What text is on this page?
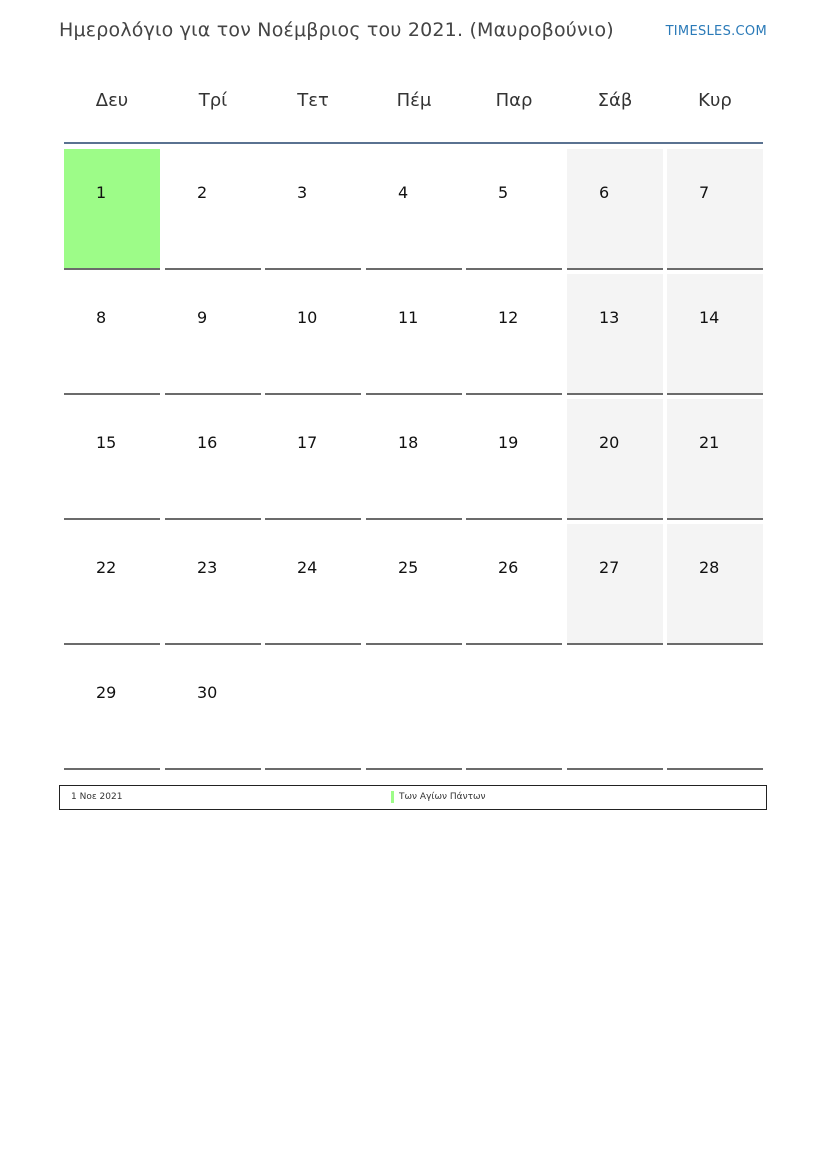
Ημερολόγιο για τον Νοέμβριος του 2021. (Μαυροβούνιο)	TIMESLES.COM
Δευ	Τρί	Τετ	Πέμ	Παρ	Σάβ	Κυρ
1	2	3	4	5	6	7
8	9	10	11	12	13	14
15	16	17	18	19	20	21
22	23	24	25	26	27	28
29	30
1 Νοε 2021	Των Αγίων Πάντων
